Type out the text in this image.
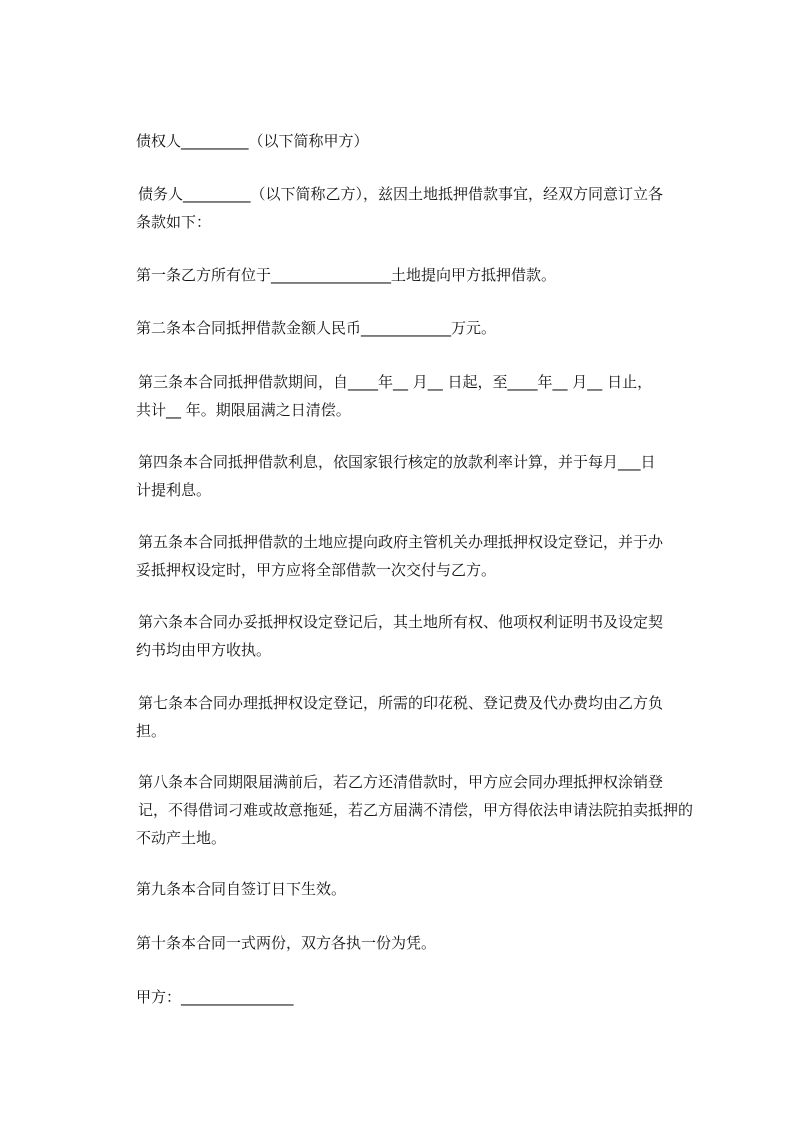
债权人_________（以下简称甲方）

债务人_________（以下简称乙方），兹因土地抵押借款事宜，经双方同意订立各
条款如下：

第一条乙方所有位于________________土地提向甲方抵押借款。

第二条本合同抵押借款金额人民币____________万元。

第三条本合同抵押借款期间，自____年__ 月__ 日起，至____年__ 月__ 日止，
共计__ 年。期限届满之日清偿。

第四条本合同抵押借款利息，依国家银行核定的放款利率计算，并于每月___日
计提利息。

第五条本合同抵押借款的土地应提向政府主管机关办理抵押权设定登记，并于办
妥抵押权设定时，甲方应将全部借款一次交付与乙方。

第六条本合同办妥抵押权设定登记后，其土地所有权、他项权利证明书及设定契
约书均由甲方收执。

第七条本合同办理抵押权设定登记，所需的印花税、登记费及代办费均由乙方负
担。

第八条本合同期限届满前后，若乙方还清借款时，甲方应会同办理抵押权涂销登
记，不得借词刁难或故意拖延，若乙方届满不清偿，甲方得依法申请法院拍卖抵押的
不动产土地。

第九条本合同自签订日下生效。

第十条本合同一式两份，双方各执一份为凭。

甲方：_______________
